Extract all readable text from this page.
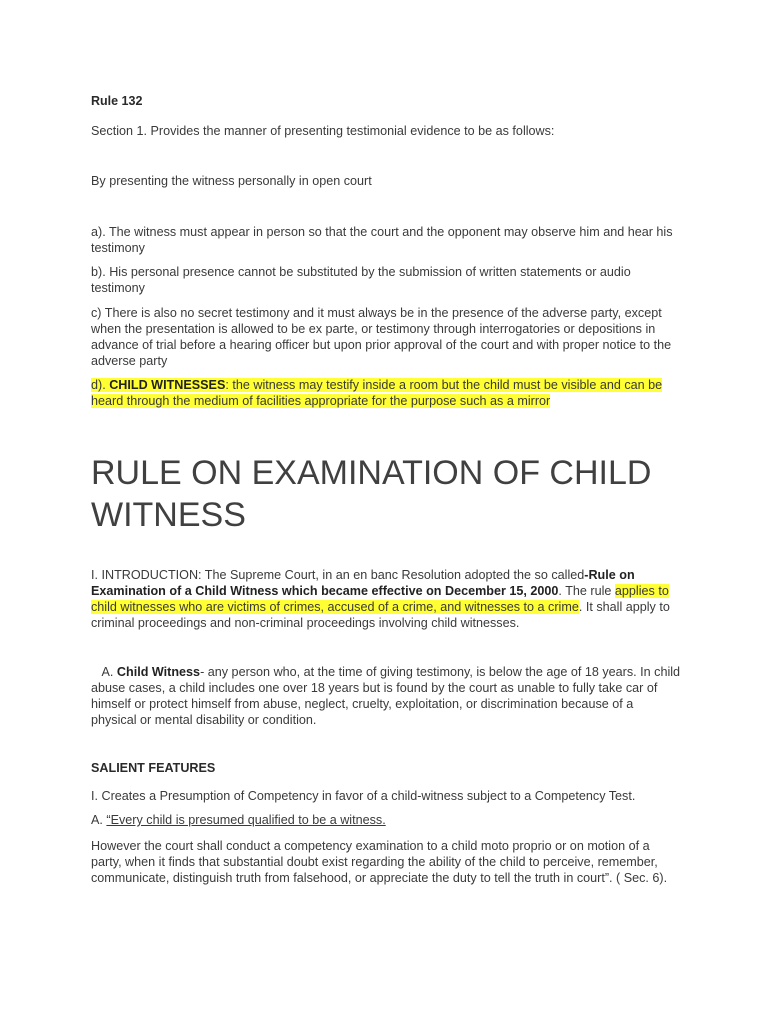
Rule 132

Section 1. Provides the manner of presenting testimonial evidence to be as follows:

By presenting the witness personally in open court

a). The witness must appear in person so that the court and the opponent may observe him and hear his testimony

b). His personal presence cannot be substituted by the submission of written statements or audio testimony

c) There is also no secret testimony and it must always be in the presence of the adverse party, except when the presentation is allowed to be ex parte, or testimony through interrogatories or depositions in advance of trial before a hearing officer but upon prior approval of the court and with proper notice to the adverse party

d). CHILD WITNESSES: the witness may testify inside a room but the child must be visible and can be heard through the medium of facilities appropriate for the purpose such as a mirror

RULE ON EXAMINATION OF CHILD WITNESS

I. INTRODUCTION: The Supreme Court, in an en banc Resolution adopted the so called-Rule on Examination of a Child Witness which became effective on December 15, 2000. The rule applies to child witnesses who are victims of crimes, accused of a crime, and witnesses to a crime. It shall apply to criminal proceedings and non-criminal proceedings involving child witnesses.

A. Child Witness- any person who, at the time of giving testimony, is below the age of 18 years. In child abuse cases, a child includes one over 18 years but is found by the court as unable to fully take car of himself or protect himself from abuse, neglect, cruelty, exploitation, or discrimination because of a physical or mental disability or condition.

SALIENT FEATURES

I. Creates a Presumption of Competency in favor of a child-witness subject to a Competency Test.

A. “Every child is presumed qualified to be a witness.

However the court shall conduct a competency examination to a child moto proprio or on motion of a party, when it finds that substantial doubt exist regarding the ability of the child to perceive, remember, communicate, distinguish truth from falsehood, or appreciate the duty to tell the truth in court”. ( Sec. 6).
